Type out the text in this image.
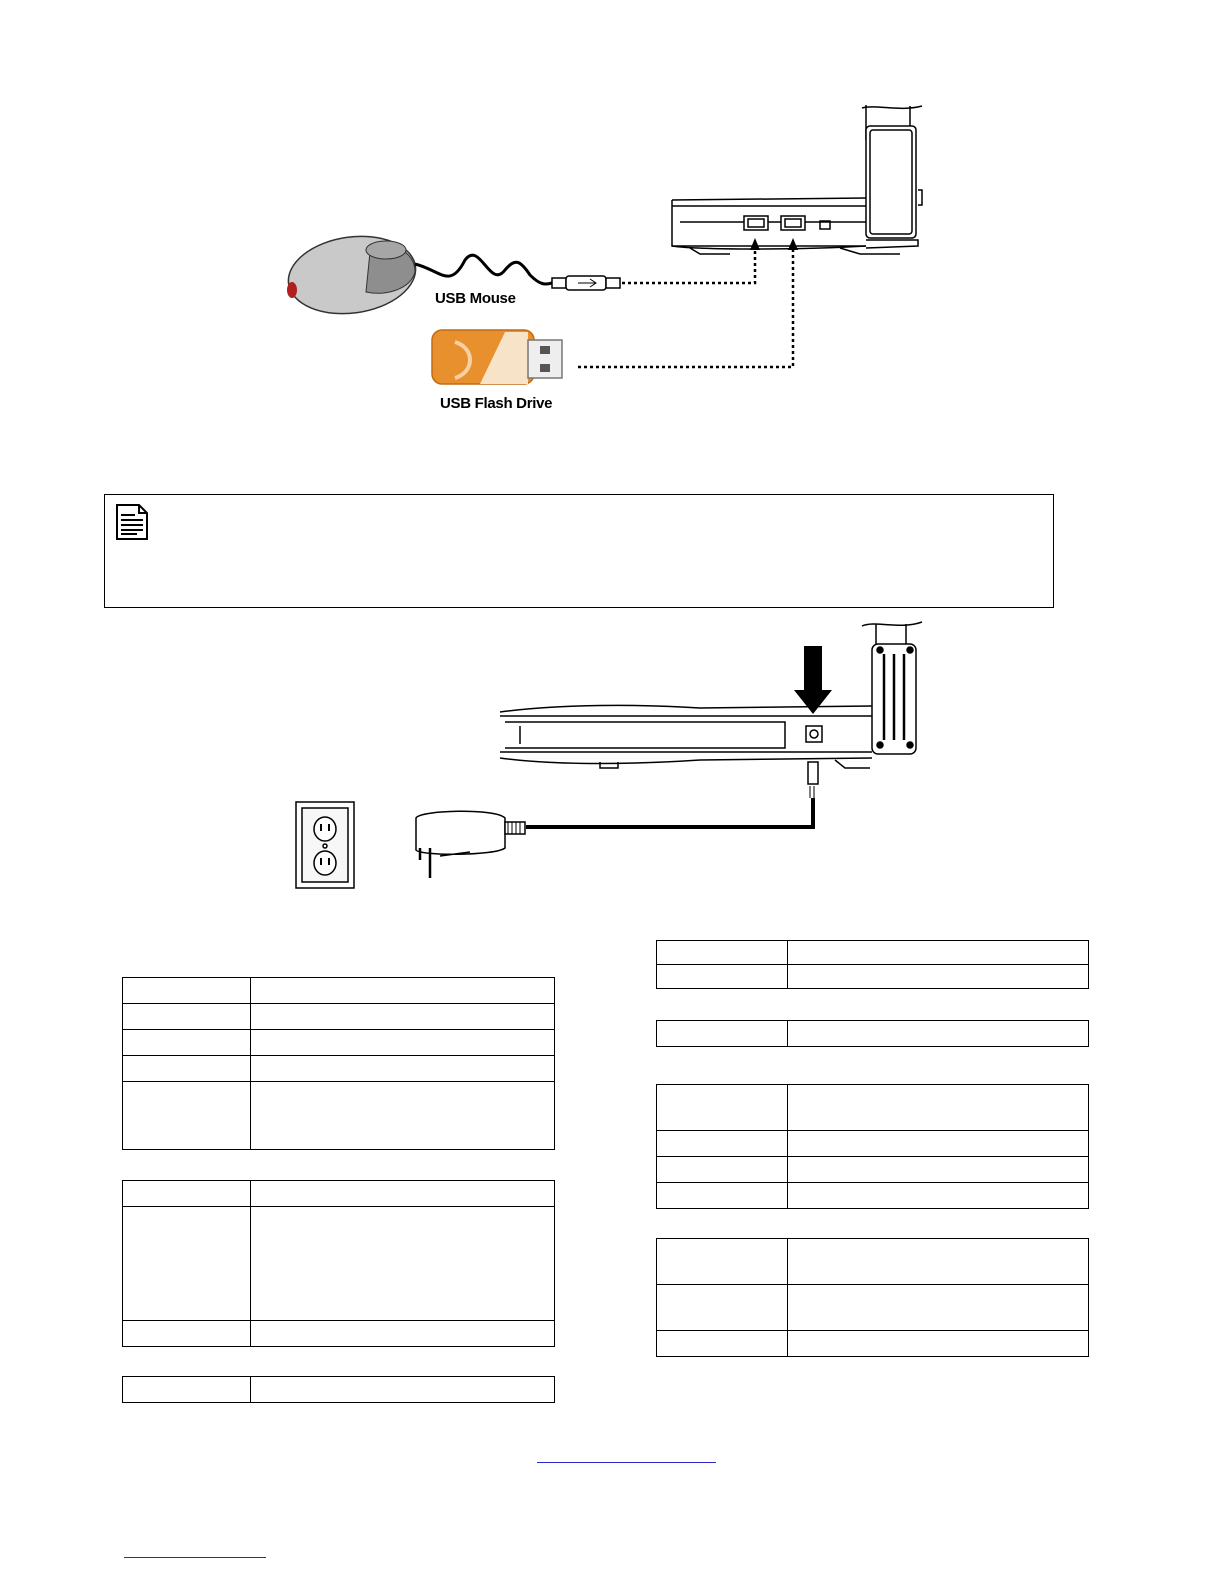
USB Mouse
USB Flash Drive
